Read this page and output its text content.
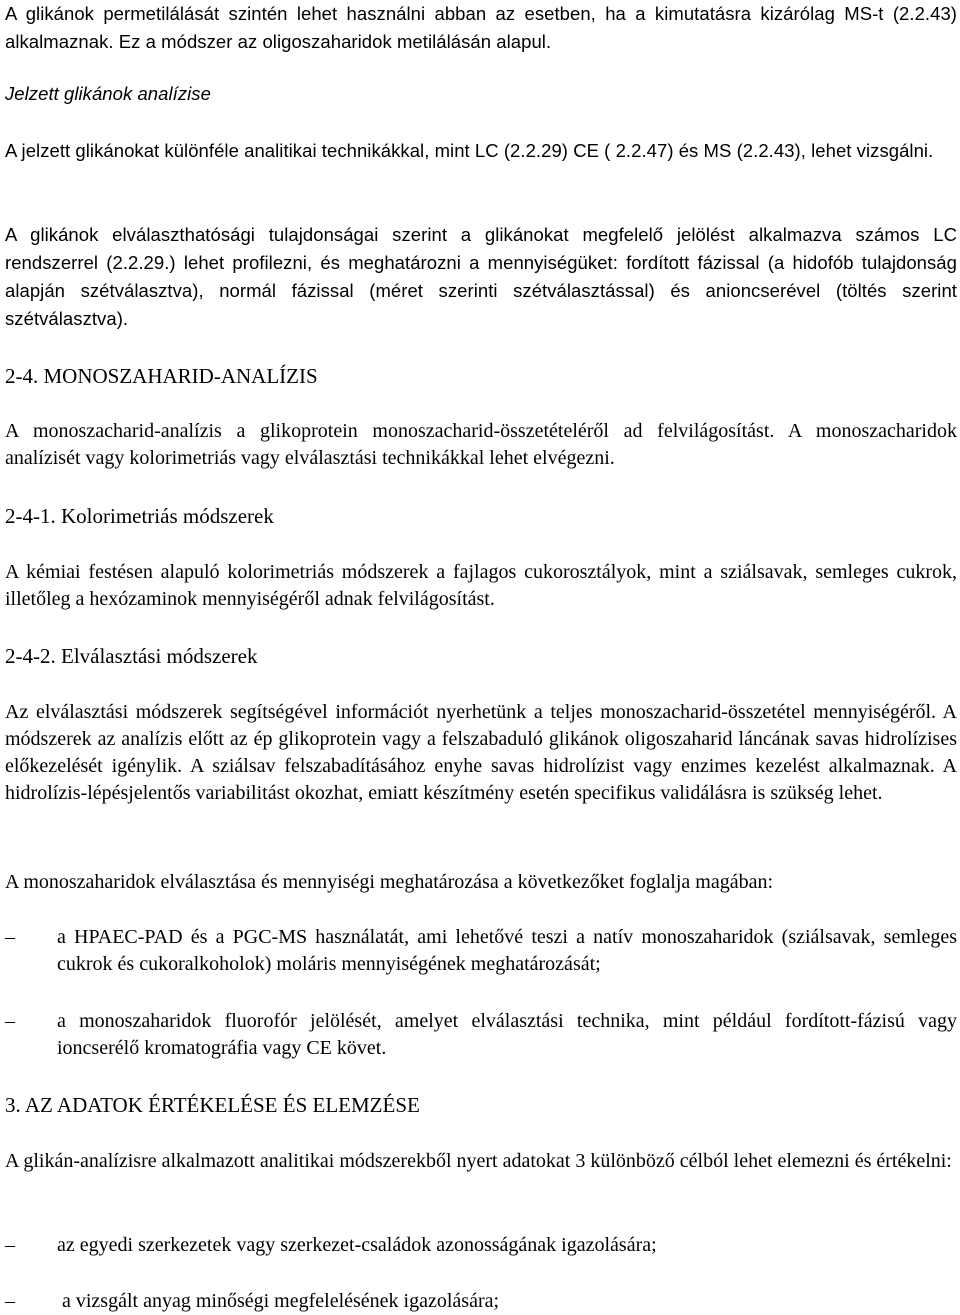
A glikánok permetilálását szintén lehet használni abban az esetben, ha a kimutatásra kizárólag MS-t (2.2.43) alkalmaznak. Ez a módszer az oligoszaharidok metilálásán alapul.

Jelzett glikánok analízise

A jelzett glikánokat különféle analitikai technikákkal, mint LC (2.2.29) CE ( 2.2.47) és MS (2.2.43), lehet vizsgálni.

A glikánok elválaszthatósági tulajdonságai szerint a glikánokat megfelelő jelölést alkalmazva számos LC rendszerrel (2.2.29.) lehet profilezni, és meghatározni a mennyiségüket: fordított fázissal (a hidofób tulajdonság alapján szétválasztva), normál fázissal (méret szerinti szétválasztással) és anioncserével (töltés szerint szétválasztva).

2-4. MONOSZAHARID-ANALÍZIS

A monoszacharid-analízis a glikoprotein monoszacharid-összetételéről ad felvilágosítást. A monoszacharidok analízisét vagy kolorimetriás vagy elválasztási technikákkal lehet elvégezni.

2-4-1. Kolorimetriás módszerek

A kémiai festésen alapuló kolorimetriás módszerek a fajlagos cukorosztályok, mint a sziálsavak, semleges cukrok, illetőleg a hexózaminok mennyiségéről adnak felvilágosítást.

2-4-2. Elválasztási módszerek

Az elválasztási módszerek segítségével információt nyerhetünk a teljes monoszacharid-összetétel mennyiségéről. A módszerek az analízis előtt az ép glikoprotein vagy a felszabaduló glikánok oligoszaharid láncának savas hidrolízises előkezelését igénylik. A sziálsav felszabadításához enyhe savas hidrolízist vagy enzimes kezelést alkalmaznak. A hidrolízis-lépésjelentős variabilitást okozhat, emiatt készítmény esetén specifikus validálásra is szükség lehet.

A monoszaharidok elválasztása és mennyiségi meghatározása a következőket foglalja magában:

–	a HPAEC-PAD és a PGC-MS használatát, ami lehetővé teszi a natív monoszaharidok (sziálsavak, semleges cukrok és cukoralkoholok) moláris mennyiségének meghatározását;
–	a monoszaharidok fluorofór jelölését, amelyet elválasztási technika, mint például fordított-fázisú vagy ioncserélő kromatográfia vagy CE követ.

3. AZ ADATOK ÉRTÉKELÉSE ÉS ELEMZÉSE

A glikán-analízisre alkalmazott analitikai módszerekből nyert adatokat 3 különböző célból lehet elemezni és értékelni:

–	az egyedi szerkezetek vagy szerkezet-családok azonosságának igazolására;
–	a vizsgált anyag minőségi megfelelésének igazolására;
